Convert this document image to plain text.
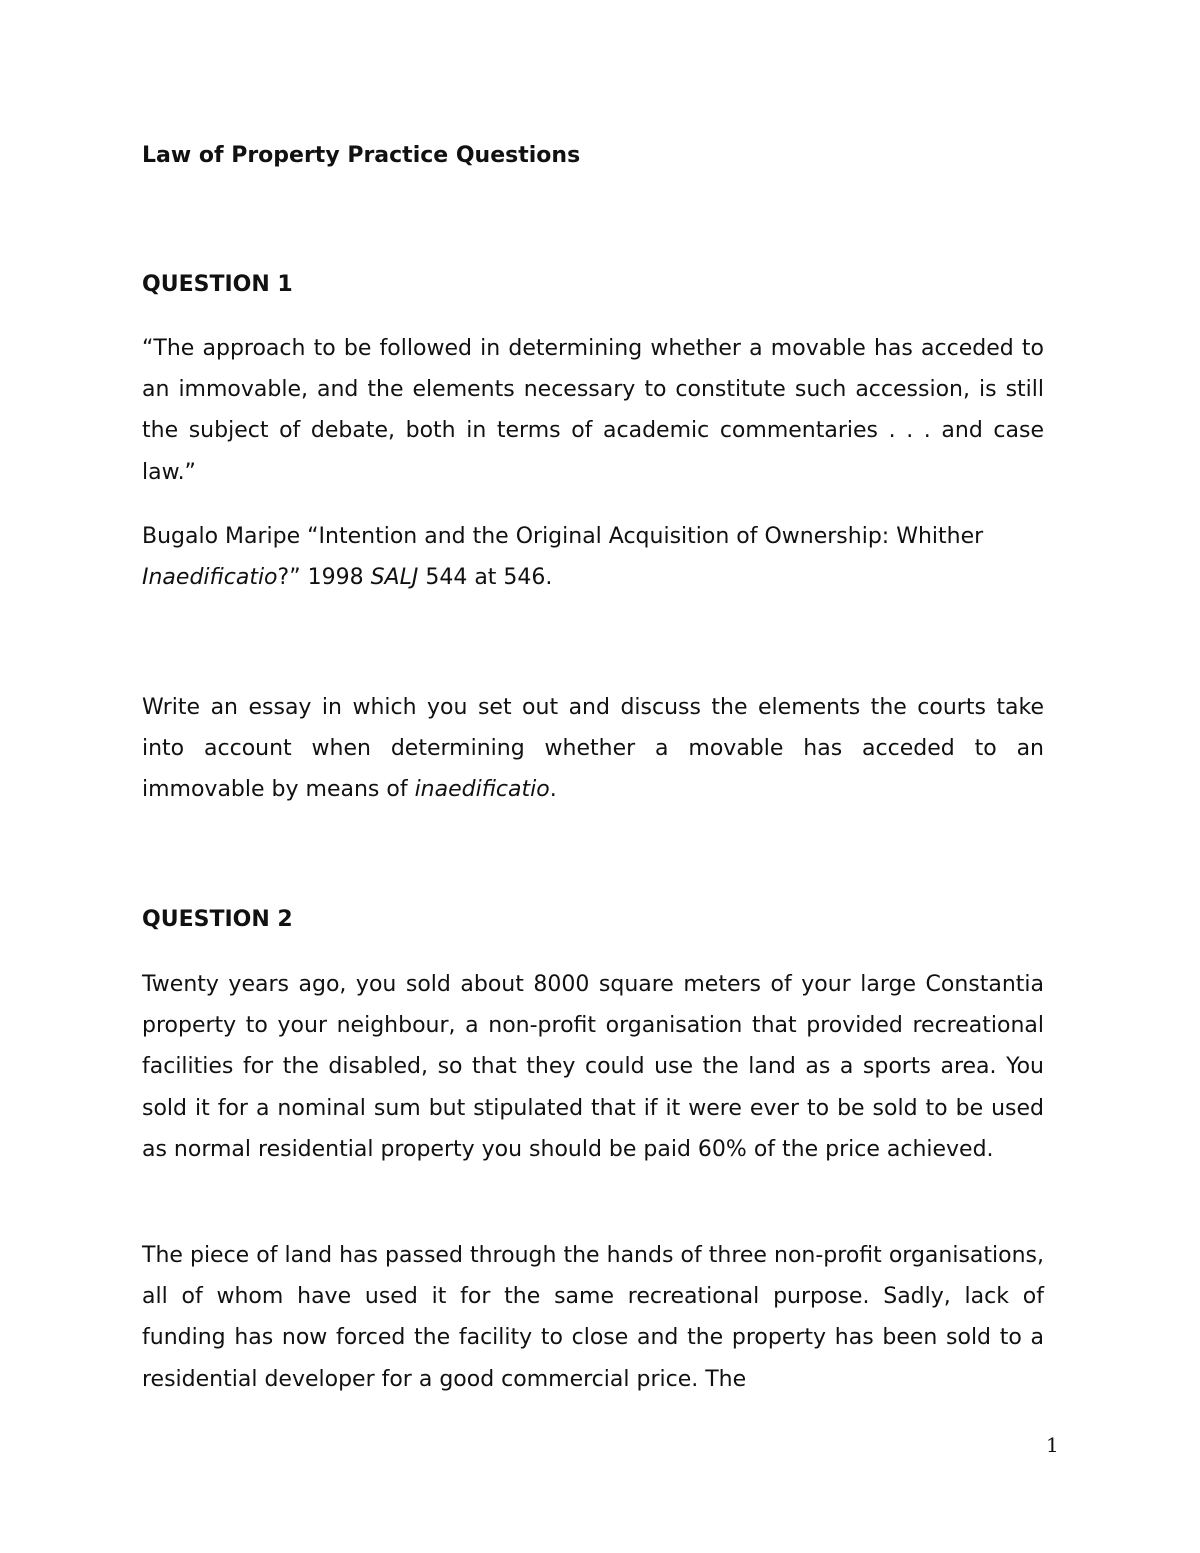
Law of Property Practice Questions
QUESTION 1

“The approach to be followed in determining whether a movable has acceded to an immovable, and the elements necessary to constitute such accession, is still the subject of debate, both in terms of academic commentaries . . . and case law.”

Bugalo Maripe “Intention and the Original Acquisition of Ownership: Whither Inaedificatio?” 1998 SALJ 544 at 546.

Write an essay in which you set out and discuss the elements the courts take into account when determining whether a movable has acceded to an immovable by means of inaedificatio.

QUESTION 2

Twenty years ago, you sold about 8000 square meters of your large Constantia property to your neighbour, a non-profit organisation that provided recreational facilities for the disabled, so that they could use the land as a sports area. You sold it for a nominal sum but stipulated that if it were ever to be sold to be used as normal residential property you should be paid 60% of the price achieved.

The piece of land has passed through the hands of three non-profit organisations, all of whom have used it for the same recreational purpose. Sadly, lack of funding has now forced the facility to close and the property has been sold to a residential developer for a good commercial price. The

1
